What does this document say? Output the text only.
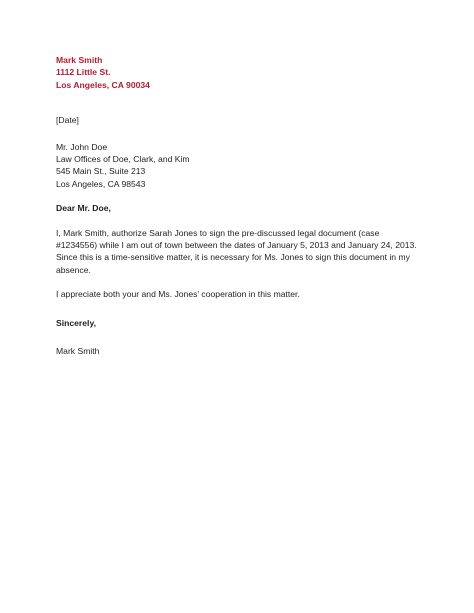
Mark Smith
1112 Little St.
Los Angeles, CA 90034
[Date]
Mr. John Doe
Law Offices of Doe, Clark, and Kim
545 Main St., Suite 213
Los Angeles, CA 98543
Dear Mr. Doe,

I, Mark Smith, authorize Sarah Jones to sign the pre-discussed legal document (case #1234556) while I am out of town between the dates of January 5, 2013 and January 24, 2013. Since this is a time-sensitive matter, it is necessary for Ms. Jones to sign this document in my absence.

I appreciate both your and Ms. Jones' cooperation in this matter.

Sincerely,
Mark Smith
